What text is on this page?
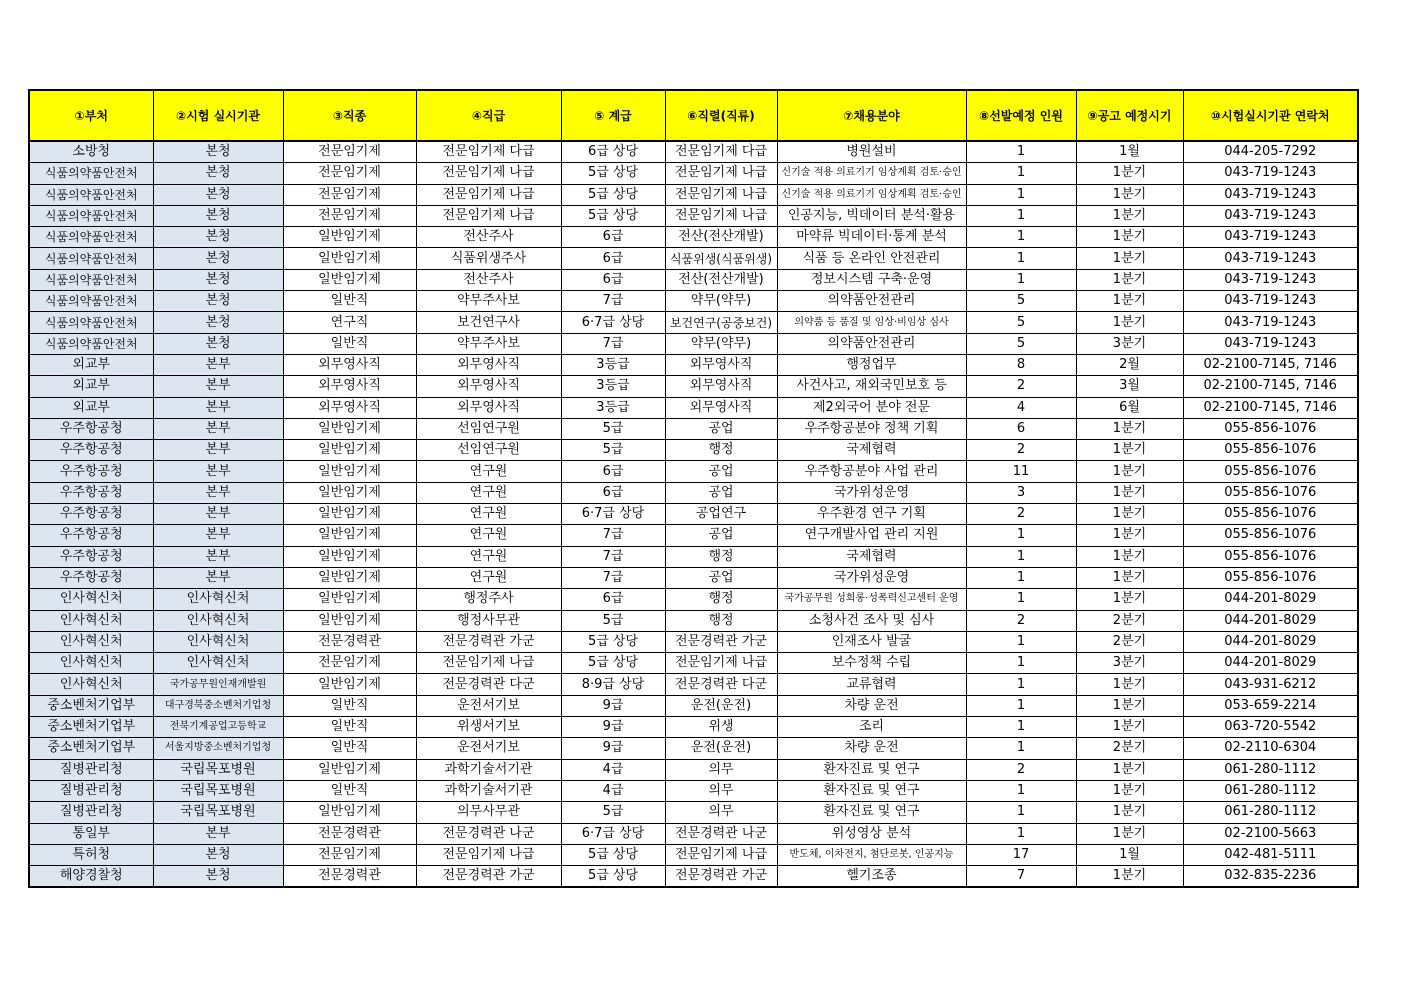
①부처	②시험 실시기관	③직종	④직급	⑤ 계급	⑥직렬(직류)	⑦채용분야	⑧선발예정 인원	⑨공고 예정시기	⑩시험실시기관 연락처
소방청	본청	전문임기제	전문임기제 다급	6급 상당	전문임기제 다급	병원설비	1	1월	044-205-7292
식품의약품안전처	본청	전문임기제	전문임기제 나급	5급 상당	전문임기제 나급	신기술 적용 의료기기 임상계획 검토·승인	1	1분기	043-719-1243
식품의약품안전처	본청	전문임기제	전문임기제 나급	5급 상당	전문임기제 나급	신기술 적용 의료기기 임상계획 검토·승인	1	1분기	043-719-1243
식품의약품안전처	본청	전문임기제	전문임기제 나급	5급 상당	전문임기제 나급	인공지능, 빅데이터 분석·활용	1	1분기	043-719-1243
식품의약품안전처	본청	일반임기제	전산주사	6급	전산(전산개발)	마약류 빅데이터·통계 분석	1	1분기	043-719-1243
식품의약품안전처	본청	일반임기제	식품위생주사	6급	식품위생(식품위생)	식품 등 온라인 안전관리	1	1분기	043-719-1243
식품의약품안전처	본청	일반임기제	전산주사	6급	전산(전산개발)	정보시스템 구축·운영	1	1분기	043-719-1243
식품의약품안전처	본청	일반직	약무주사보	7급	약무(약무)	의약품안전관리	5	1분기	043-719-1243
식품의약품안전처	본청	연구직	보건연구사	6·7급 상당	보건연구(공중보건)	의약품 등 품질 및 임상·비임상 심사	5	1분기	043-719-1243
식품의약품안전처	본청	일반직	약무주사보	7급	약무(약무)	의약품안전관리	5	3분기	043-719-1243
외교부	본부	외무영사직	외무영사직	3등급	외무영사직	행정업무	8	2월	02-2100-7145, 7146
외교부	본부	외무영사직	외무영사직	3등급	외무영사직	사건사고, 재외국민보호 등	2	3월	02-2100-7145, 7146
외교부	본부	외무영사직	외무영사직	3등급	외무영사직	제2외국어 분야 전문	4	6월	02-2100-7145, 7146
우주항공청	본부	일반임기제	선임연구원	5급	공업	우주항공분야 정책 기획	6	1분기	055-856-1076
우주항공청	본부	일반임기제	선임연구원	5급	행정	국제협력	2	1분기	055-856-1076
우주항공청	본부	일반임기제	연구원	6급	공업	우주항공분야 사업 관리	11	1분기	055-856-1076
우주항공청	본부	일반임기제	연구원	6급	공업	국가위성운영	3	1분기	055-856-1076
우주항공청	본부	일반임기제	연구원	6·7급 상당	공업연구	우주환경 연구 기획	2	1분기	055-856-1076
우주항공청	본부	일반임기제	연구원	7급	공업	연구개발사업 관리 지원	1	1분기	055-856-1076
우주항공청	본부	일반임기제	연구원	7급	행정	국제협력	1	1분기	055-856-1076
우주항공청	본부	일반임기제	연구원	7급	공업	국가위성운영	1	1분기	055-856-1076
인사혁신처	인사혁신처	일반임기제	행정주사	6급	행정	국가공무원 성희롱·성폭력신고센터 운영	1	1분기	044-201-8029
인사혁신처	인사혁신처	일반임기제	행정사무관	5급	행정	소청사건 조사 및 심사	2	2분기	044-201-8029
인사혁신처	인사혁신처	전문경력관	전문경력관 가군	5급 상당	전문경력관 가군	인재조사 발굴	1	2분기	044-201-8029
인사혁신처	인사혁신처	전문임기제	전문임기제 나급	5급 상당	전문임기제 나급	보수정책 수립	1	3분기	044-201-8029
인사혁신처	국가공무원인재개발원	일반임기제	전문경력관 다군	8·9급 상당	전문경력관 다군	교류협력	1	1분기	043-931-6212
중소벤처기업부	대구경북중소벤처기업청	일반직	운전서기보	9급	운전(운전)	차량 운전	1	1분기	053-659-2214
중소벤처기업부	전북기계공업고등학교	일반직	위생서기보	9급	위생	조리	1	1분기	063-720-5542
중소벤처기업부	서울지방중소벤처기업청	일반직	운전서기보	9급	운전(운전)	차량 운전	1	2분기	02-2110-6304
질병관리청	국립목포병원	일반임기제	과학기술서기관	4급	의무	환자진료 및 연구	2	1분기	061-280-1112
질병관리청	국립목포병원	일반직	과학기술서기관	4급	의무	환자진료 및 연구	1	1분기	061-280-1112
질병관리청	국립목포병원	일반임기제	의무사무관	5급	의무	환자진료 및 연구	1	1분기	061-280-1112
통일부	본부	전문경력관	전문경력관 나군	6·7급 상당	전문경력관 나군	위성영상 분석	1	1분기	02-2100-5663
특허청	본청	전문임기제	전문임기제 나급	5급 상당	전문임기제 나급	반도체, 이차전지, 첨단로봇, 인공지능	17	1월	042-481-5111
해양경찰청	본청	전문경력관	전문경력관 가군	5급 상당	전문경력관 가군	헬기조종	7	1분기	032-835-2236
